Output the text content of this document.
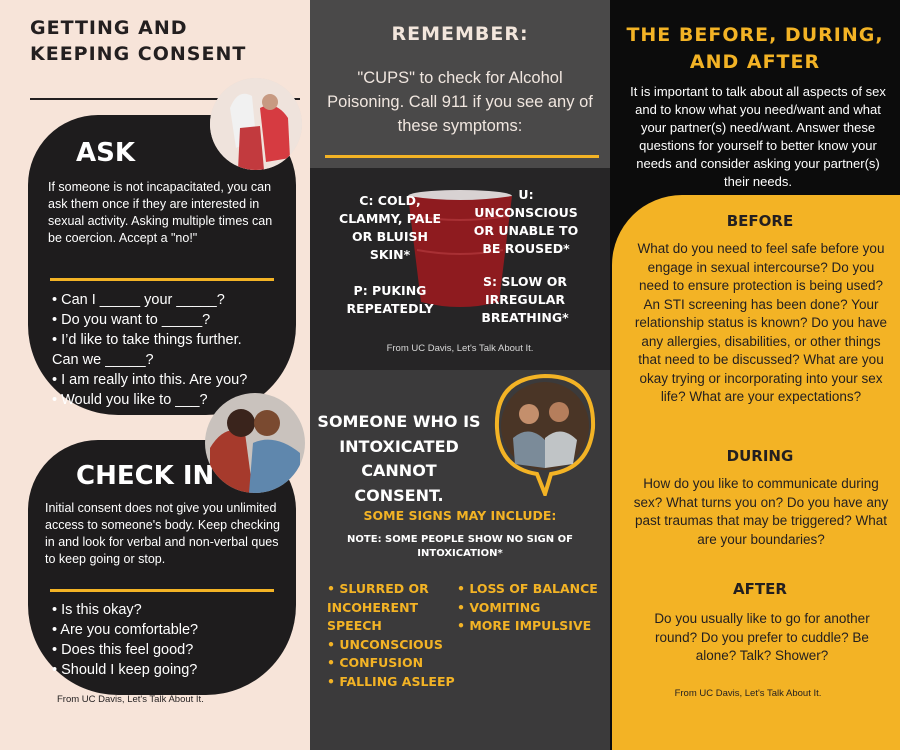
GETTING AND KEEPING CONSENT
ASK
If someone is not incapacitated, you can ask them once if they are interested in sexual activity. Asking multiple times can be coercion. Accept a "no!"
• Can I _____ your _____?
• Do you want to _____?
• I’d like to take things further.
Can we _____?
• I am really into this. Are you?
• Would you like to ___?
CHECK IN
Initial consent does not give you unlimited access to someone's body. Keep checking in and look for verbal and non-verbal ques to keep going or stop.
• Is this okay?
• Are you comfortable?
• Does this feel good?
• Should I keep going?
From UC Davis, Let's Talk About It.
REMEMBER:
"CUPS" to check for Alcohol Poisoning. Call 911 if you see any of these symptoms:
C: COLD, CLAMMY, PALE OR BLUISH SKIN*
U: UNCONSCIOUS OR UNABLE TO BE ROUSED*
P: PUKING REPEATEDLY
S: SLOW OR IRREGULAR BREATHING*
From UC Davis, Let's Talk About It.
SOMEONE WHO IS INTOXICATED CANNOT CONSENT.
SOME SIGNS MAY INCLUDE:
NOTE: SOME PEOPLE SHOW NO SIGN OF INTOXICATION*
• SLURRED OR
INCOHERENT
SPEECH
• UNCONSCIOUS
• CONFUSION
• FALLING ASLEEP
• LOSS OF BALANCE
• VOMITING
• MORE IMPULSIVE
THE BEFORE, DURING, AND AFTER
It is important to talk about all aspects of sex and to know what you need/want and what your partner(s) need/want. Answer these questions for yourself to better know your needs and consider asking your partner(s) their needs.
BEFORE
What do you need to feel safe before you engage in sexual intercourse? Do you need to ensure protection is being used? An STI screening has been done? Your relationship status is known? Do you have any allergies, disabilities, or other things that need to be discussed? What are you okay trying or incorporating into your sex life? What are your expectations?
DURING
How do you like to communicate during sex? What turns you on? Do you have any past traumas that may be triggered? What are your boundaries?
AFTER
Do you usually like to go for another round? Do you prefer to cuddle? Be alone? Talk? Shower?
From UC Davis, Let's Talk About It.
